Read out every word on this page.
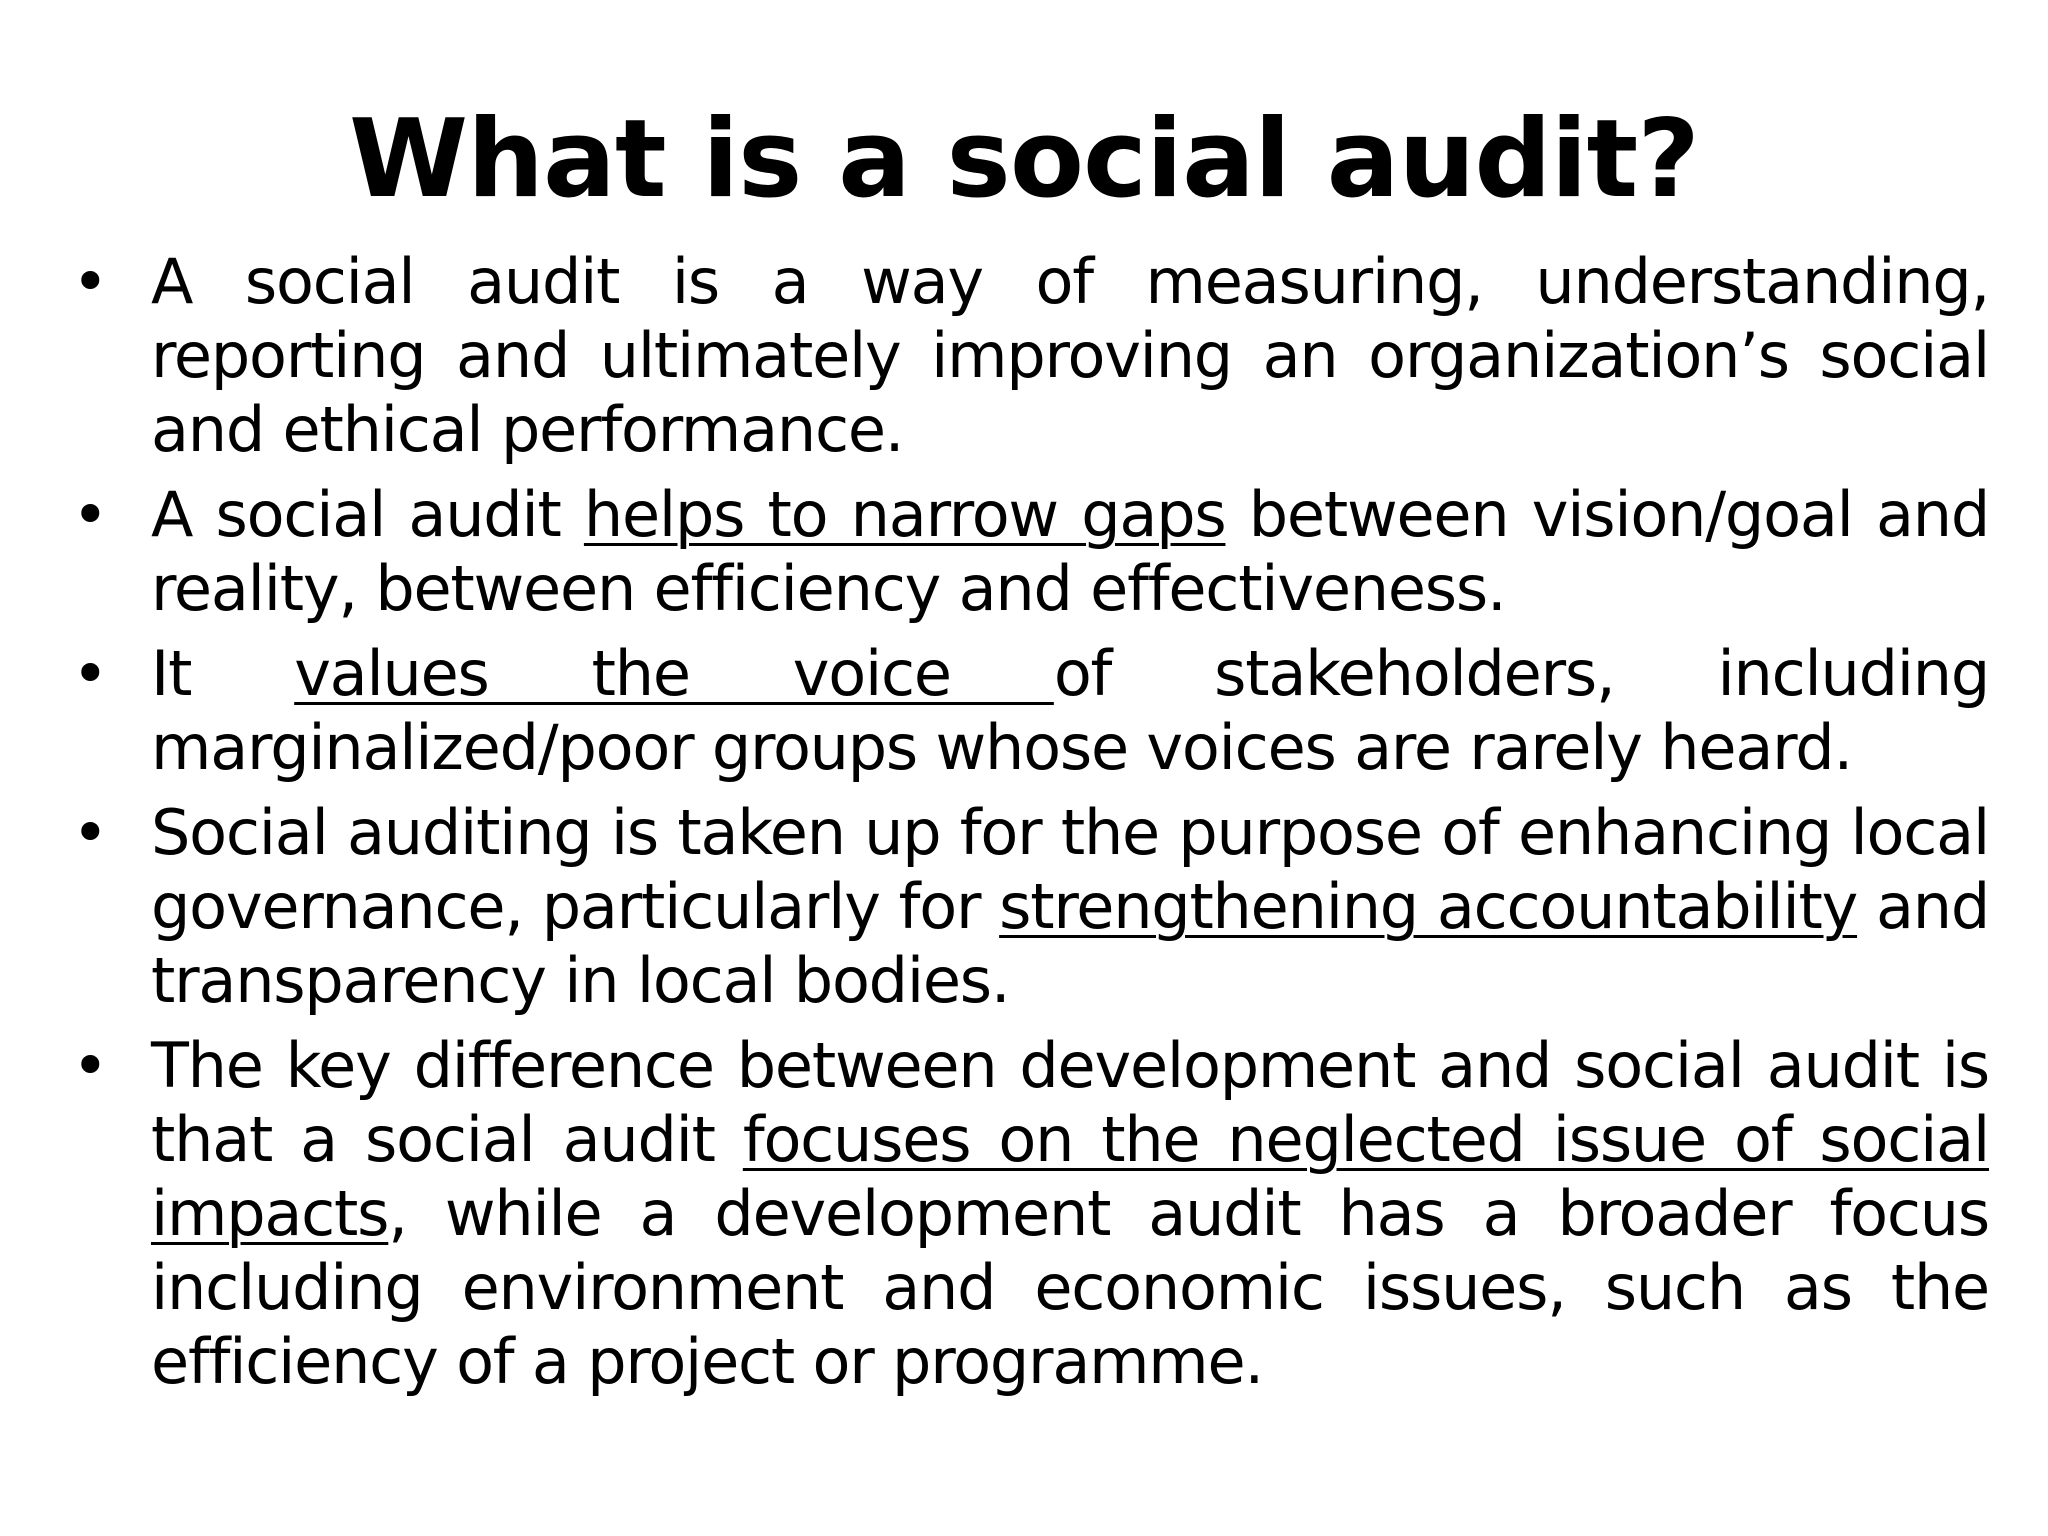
What is a social audit?
• A social audit is a way of measuring, understanding, reporting and ultimately improving an organization’s social and ethical performance.
• A social audit helps to narrow gaps between vision/goal and reality, between efficiency and effectiveness.
• It values the voice of stakeholders, including marginalized/poor groups whose voices are rarely heard.
• Social auditing is taken up for the purpose of enhancing local governance, particularly for strengthening accountability and transparency in local bodies.
• The key difference between development and social audit is that a social audit focuses on the neglected issue of social impacts, while a development audit has a broader focus including environment and economic issues, such as the efficiency of a project or programme.
